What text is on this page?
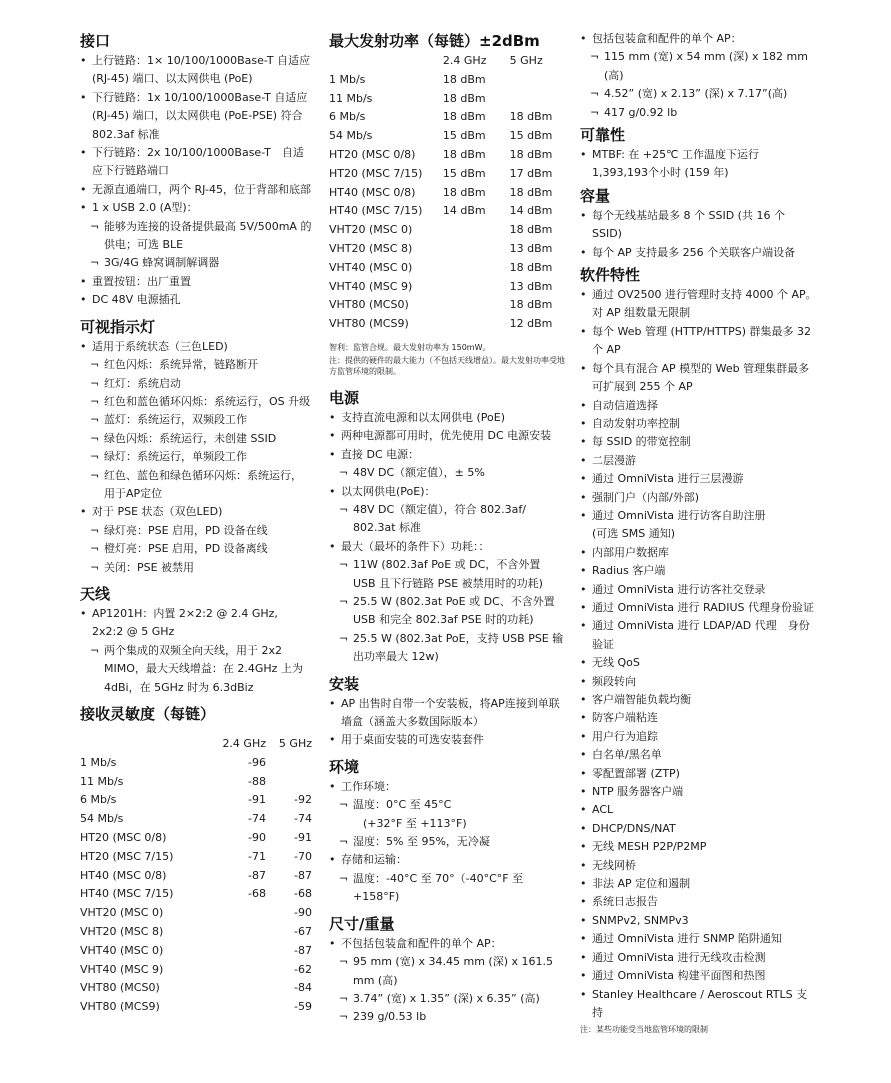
接口
• 上行链路：1× 10/100/1000Base-T 自适应 (RJ-45) 端口、以太网供电 (PoE)
• 下行链路：1x 10/100/1000Base-T 自适应 (RJ-45) 端口，以太网供电 (PoE-PSE) 符合 802.3af 标准
• 下行链路：2x 10/100/1000Base-T　自适应下行链路端口
• 无源直通端口，两个 RJ-45，位于背部和底部
• 1 x USB 2.0 (A型)：
¬ 能够为连接的设备提供最高 5V/500mA 的供电；可选 BLE
¬ 3G/4G 蜂窝调制解调器
• 重置按钮：出厂重置
• DC 48V 电源插孔
可视指示灯
• 适用于系统状态（三色LED)
¬ 红色闪烁：系统异常，链路断开
¬ 红灯：系统启动
¬ 红色和蓝色循环闪烁：系统运行，OS 升级
¬ 蓝灯：系统运行，双频段工作
¬ 绿色闪烁：系统运行，未创建 SSID
¬ 绿灯：系统运行，单频段工作
¬ 红色、蓝色和绿色循环闪烁：系统运行，用于AP定位
• 对于 PSE 状态（双色LED)
¬ 绿灯亮：PSE 启用，PD 设备在线
¬ 橙灯亮：PSE 启用，PD 设备离线
¬ 关闭：PSE 被禁用
天线
• AP1201H：内置 2×2:2 @ 2.4 GHz, 2x2:2 @ 5 GHz
¬ 两个集成的双频全向天线，用于 2x2 MIMO，最大天线增益：在 2.4GHz 上为 4dBi，在 5GHz 时为 6.3dBiz
接收灵敏度（每链）
	2.4 GHz	5 GHz
1 Mb/s	-96	
11 Mb/s	-88	
6 Mb/s	-91	-92
54 Mb/s	-74	-74
HT20 (MSC 0/8)	-90	-91
HT20 (MSC 7/15)	-71	-70
HT40 (MSC 0/8)	-87	-87
HT40 (MSC 7/15)	-68	-68
VHT20 (MSC 0)		-90
VHT20 (MSC 8)		-67
VHT40 (MSC 0)		-87
VHT40 (MSC 9)		-62
VHT80 (MCS0)		-84
VHT80 (MCS9)		-59
最大发射功率（每链）±2dBm
	2.4 GHz	5 GHz
1 Mb/s	18 dBm	
11 Mb/s	18 dBm	
6 Mb/s	18 dBm	18 dBm
54 Mb/s	15 dBm	15 dBm
HT20 (MSC 0/8)	18 dBm	18 dBm
HT20 (MSC 7/15)	15 dBm	17 dBm
HT40 (MSC 0/8)	18 dBm	18 dBm
HT40 (MSC 7/15)	14 dBm	14 dBm
VHT20 (MSC 0)		18 dBm
VHT20 (MSC 8)		13 dBm
VHT40 (MSC 0)		18 dBm
VHT40 (MSC 9)		13 dBm
VHT80 (MCS0)		18 dBm
VHT80 (MCS9)		12 dBm
智利：监管合规。最大发射功率为 150mW。
注：提供的硬件的最大能力（不包括天线增益）。最大发射功率受地方监管环境的限制。
电源
• 支持直流电源和以太网供电 (PoE)
• 两种电源都可用时，优先使用 DC 电源安装
• 直接 DC 电源：
¬ 48V DC（额定值），± 5%
• 以太网供电(PoE)：
¬ 48V DC（额定值），符合 802.3af/ 802.3at 标准
• 最大（最坏的条件下）功耗：：
¬ 11W (802.3af PoE 或 DC，不含外置 USB 且下行链路 PSE 被禁用时的功耗)
¬ 25.5 W (802.3at PoE 或 DC、不含外置 USB 和完全 802.3af PSE 时的功耗)
¬ 25.5 W (802.3at PoE，支持 USB PSE 输出功率最大 12w)
安装
• AP 出售时自带一个安装板，将AP连接到单联墙盒（涵盖大多数国际版本）
• 用于桌面安装的可选安装套件
环境
• 工作环境：
¬ 温度：0°C 至 45°C
(+32°F 至 +113°F)
¬ 湿度：5% 至 95%，无冷凝
• 存储和运输：
¬ 温度：-40°C 至 70°（-40°C°F 至 +158°F)
尺寸/重量
• 不包括包装盒和配件的单个 AP：
¬ 95 mm (宽) x 34.45 mm (深) x 161.5 mm (高)
¬ 3.74” (宽) x 1.35” (深) x 6.35” (高)
¬ 239 g/0.53 lb
• 包括包装盒和配件的单个 AP：
¬ 115 mm (宽) x 54 mm (深) x 182 mm (高)
¬ 4.52” (宽) x 2.13” (深) x 7.17”(高)
¬ 417 g/0.92 lb
可靠性
• MTBF: 在 +25℃ 工作温度下运行 1,393,193个小时 (159 年)
容量
• 每个无线基站最多 8 个 SSID (共 16 个 SSID)
• 每个 AP 支持最多 256 个关联客户端设备
软件特性
• 通过 OV2500 进行管理时支持 4000 个 AP。对 AP 组数量无限制
• 每个 Web 管理 (HTTP/HTTPS) 群集最多 32 个 AP
• 每个具有混合 AP 模型的 Web 管理集群最多可扩展到 255 个 AP
• 自动信道选择
• 自动发射功率控制
• 每 SSID 的带宽控制
• 二层漫游
• 通过 OmniVista 进行三层漫游
• 强制门户（内部/外部)
• 通过 OmniVista 进行访客自助注册
(可选 SMS 通知)
• 内部用户数据库
• Radius 客户端
• 通过 OmniVista 进行访客社交登录
• 通过 OmniVista 进行 RADIUS 代理身份验证
• 通过 OmniVista 进行 LDAP/AD 代理　身份验证
• 无线 QoS
• 频段转向
• 客户端智能负载均衡
• 防客户端粘连
• 用户行为追踪
• 白名单/黑名单
• 零配置部署 (ZTP)
• NTP 服务器客户端
• ACL
• DHCP/DNS/NAT
• 无线 MESH P2P/P2MP
• 无线网桥
• 非法 AP 定位和遏制
• 系统日志报告
• SNMPv2, SNMPv3
• 通过 OmniVista 进行 SNMP 陷阱通知
• 通过 OmniVista 进行无线攻击检测
• 通过 OmniVista 构建平面图和热图
• Stanley Healthcare / Aeroscout RTLS 支持
注：某些功能受当地监管环境的限制
